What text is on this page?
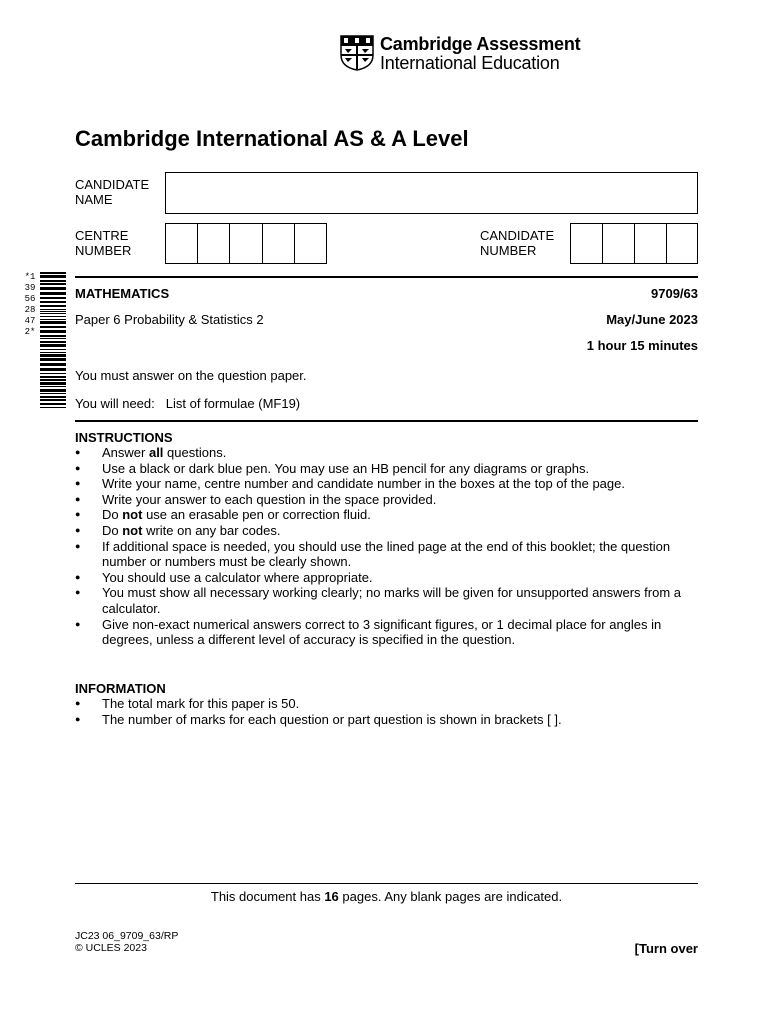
Cambridge Assessment
International Education
Cambridge International AS & A Level
CANDIDATE
NAME
CENTRE
NUMBER
CANDIDATE
NUMBER
*1395628472*
MATHEMATICS	9709/63
Paper 6 Probability & Statistics 2	May/June 2023
1 hour 15 minutes
You must answer on the question paper.
You will need: List of formulae (MF19)
INSTRUCTIONS
● Answer all questions.
● Use a black or dark blue pen. You may use an HB pencil for any diagrams or graphs.
● Write your name, centre number and candidate number in the boxes at the top of the page.
● Write your answer to each question in the space provided.
● Do not use an erasable pen or correction fluid.
● Do not write on any bar codes.
● If additional space is needed, you should use the lined page at the end of this booklet; the question number or numbers must be clearly shown.
● You should use a calculator where appropriate.
● You must show all necessary working clearly; no marks will be given for unsupported answers from a calculator.
● Give non-exact numerical answers correct to 3 significant figures, or 1 decimal place for angles in degrees, unless a different level of accuracy is specified in the question.
INFORMATION
● The total mark for this paper is 50.
● The number of marks for each question or part question is shown in brackets [ ].
This document has 16 pages. Any blank pages are indicated.
JC23 06_9709_63/RP
© UCLES 2023	[Turn over
